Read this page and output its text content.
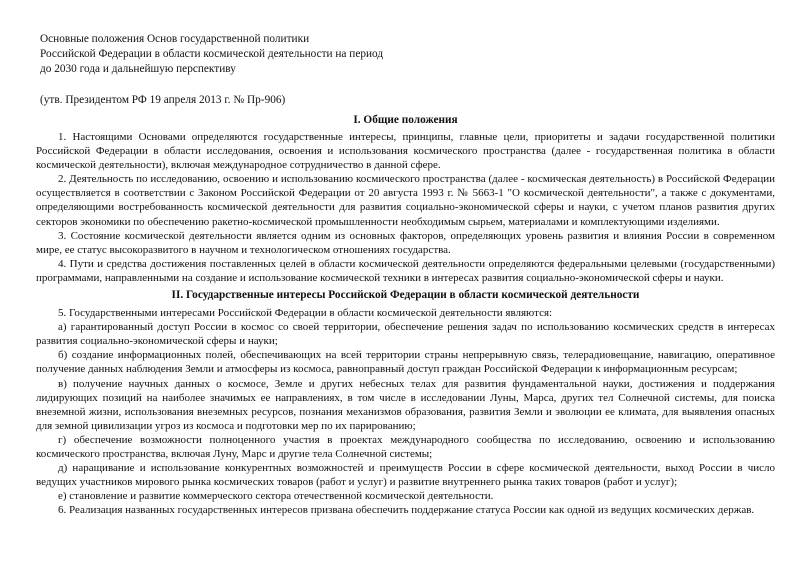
Основные положения Основ государственной политики
Российской Федерации в области космической деятельности на период
до 2030 года и дальнейшую перспективу
(утв. Президентом РФ 19 апреля 2013 г. № Пр-906)
I. Общие положения

1. Настоящими Основами определяются государственные интересы, принципы, главные цели, приоритеты и задачи государственной политики Российской Федерации в области исследования, освоения и использования космического пространства (далее - государственная политика в области космической деятельности), включая международное сотрудничество в данной сфере.

2. Деятельность по исследованию, освоению и использованию космического пространства (далее - космическая деятельность) в Российской Федерации осуществляется в соответствии с Законом Российской Федерации от 20 августа 1993 г. № 5663-1 "О космической деятельности", а также с документами, определяющими востребованность космической деятельности для развития социально-экономической сферы и науки, с учетом планов развития других секторов экономики по обеспечению ракетно-космической промышленности необходимым сырьем, материалами и комплектующими изделиями.

3. Состояние космической деятельности является одним из основных факторов, определяющих уровень развития и влияния России в современном мире, ее статус высокоразвитого в научном и технологическом отношениях государства.

4. Пути и средства достижения поставленных целей в области космической деятельности определяются федеральными целевыми (государственными) программами, направленными на создание и использование космической техники в интересах развития социально-экономической сферы и науки.

II. Государственные интересы Российской Федерации в области космической деятельности

5. Государственными интересами Российской Федерации в области космической деятельности являются:

а) гарантированный доступ России в космос со своей территории, обеспечение решения задач по использованию космических средств в интересах развития социально-экономической сферы и науки;

б) создание информационных полей, обеспечивающих на всей территории страны непрерывную связь, телерадиовещание, навигацию, оперативное получение данных наблюдения Земли и атмосферы из космоса, равноправный доступ граждан Российской Федерации к информационным ресурсам;

в) получение научных данных о космосе, Земле и других небесных телах для развития фундаментальной науки, достижения и поддержания лидирующих позиций на наиболее значимых ее направлениях, в том числе в исследовании Луны, Марса, других тел Солнечной системы, для поиска внеземной жизни, использования внеземных ресурсов, познания механизмов образования, развития Земли и эволюции ее климата, для выявления опасных для земной цивилизации угроз из космоса и подготовки мер по их парированию;

г) обеспечение возможности полноценного участия в проектах международного сообщества по исследованию, освоению и использованию космического пространства, включая Луну, Марс и другие тела Солнечной системы;

д) наращивание и использование конкурентных возможностей и преимуществ России в сфере космической деятельности, выход России в число ведущих участников мирового рынка космических товаров (работ и услуг) и развитие внутреннего рынка таких товаров (работ и услуг);

е) становление и развитие коммерческого сектора отечественной космической деятельности.

6. Реализация названных государственных интересов призвана обеспечить поддержание статуса России как одной из ведущих космических держав.
